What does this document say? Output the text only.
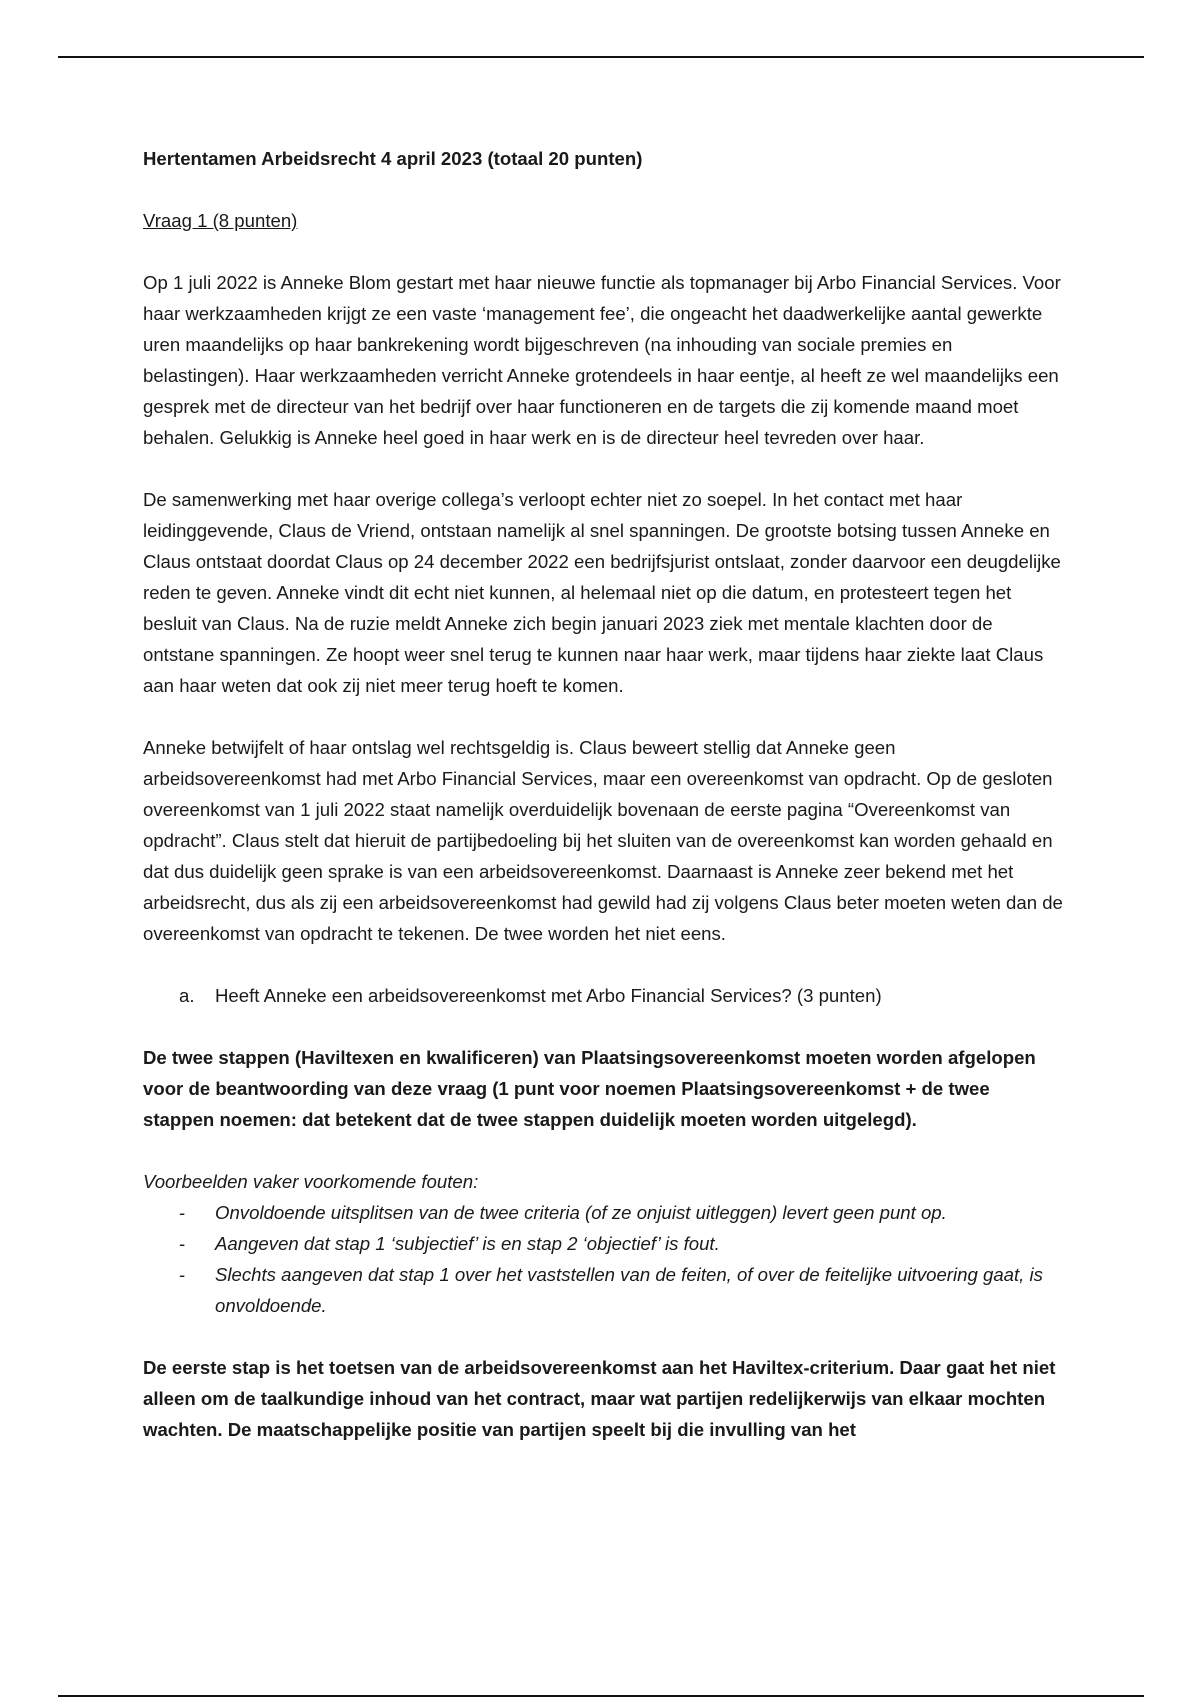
Hertentamen Arbeidsrecht 4 april 2023 (totaal 20 punten)

Vraag 1 (8 punten)

Op 1 juli 2022 is Anneke Blom gestart met haar nieuwe functie als topmanager bij Arbo Financial Services. Voor haar werkzaamheden krijgt ze een vaste ‘management fee’, die ongeacht het daadwerkelijke aantal gewerkte uren maandelijks op haar bankrekening wordt bijgeschreven (na inhouding van sociale premies en belastingen). Haar werkzaamheden verricht Anneke grotendeels in haar eentje, al heeft ze wel maandelijks een gesprek met de directeur van het bedrijf over haar functioneren en de targets die zij komende maand moet behalen. Gelukkig is Anneke heel goed in haar werk en is de directeur heel tevreden over haar.

De samenwerking met haar overige collega’s verloopt echter niet zo soepel. In het contact met haar leidinggevende, Claus de Vriend, ontstaan namelijk al snel spanningen. De grootste botsing tussen Anneke en Claus ontstaat doordat Claus op 24 december 2022 een bedrijfsjurist ontslaat, zonder daarvoor een deugdelijke reden te geven. Anneke vindt dit echt niet kunnen, al helemaal niet op die datum, en protesteert tegen het besluit van Claus. Na de ruzie meldt Anneke zich begin januari 2023 ziek met mentale klachten door de ontstane spanningen. Ze hoopt weer snel terug te kunnen naar haar werk, maar tijdens haar ziekte laat Claus aan haar weten dat ook zij niet meer terug hoeft te komen.

Anneke betwijfelt of haar ontslag wel rechtsgeldig is. Claus beweert stellig dat Anneke geen arbeidsovereenkomst had met Arbo Financial Services, maar een overeenkomst van opdracht. Op de gesloten overeenkomst van 1 juli 2022 staat namelijk overduidelijk bovenaan de eerste pagina “Overeenkomst van opdracht”. Claus stelt dat hieruit de partijbedoeling bij het sluiten van de overeenkomst kan worden gehaald en dat dus duidelijk geen sprake is van een arbeidsovereenkomst. Daarnaast is Anneke zeer bekend met het arbeidsrecht, dus als zij een arbeidsovereenkomst had gewild had zij volgens Claus beter moeten weten dan de overeenkomst van opdracht te tekenen. De twee worden het niet eens.

a.	Heeft Anneke een arbeidsovereenkomst met Arbo Financial Services? (3 punten)

De twee stappen (Haviltexen en kwalificeren) van Plaatsingsovereenkomst moeten worden afgelopen voor de beantwoording van deze vraag (1 punt voor noemen Plaatsingsovereenkomst + de twee stappen noemen: dat betekent dat de twee stappen duidelijk moeten worden uitgelegd).

Voorbeelden vaker voorkomende fouten:

-	Onvoldoende uitsplitsen van de twee criteria (of ze onjuist uitleggen) levert geen punt op.
-	Aangeven dat stap 1 ‘subjectief’ is en stap 2 ‘objectief’ is fout.
-	Slechts aangeven dat stap 1 over het vaststellen van de feiten, of over de feitelijke uitvoering gaat, is onvoldoende.

De eerste stap is het toetsen van de arbeidsovereenkomst aan het Haviltex-criterium. Daar gaat het niet alleen om de taalkundige inhoud van het contract, maar wat partijen redelijkerwijs van elkaar mochten wachten. De maatschappelijke positie van partijen speelt bij die invulling van het
